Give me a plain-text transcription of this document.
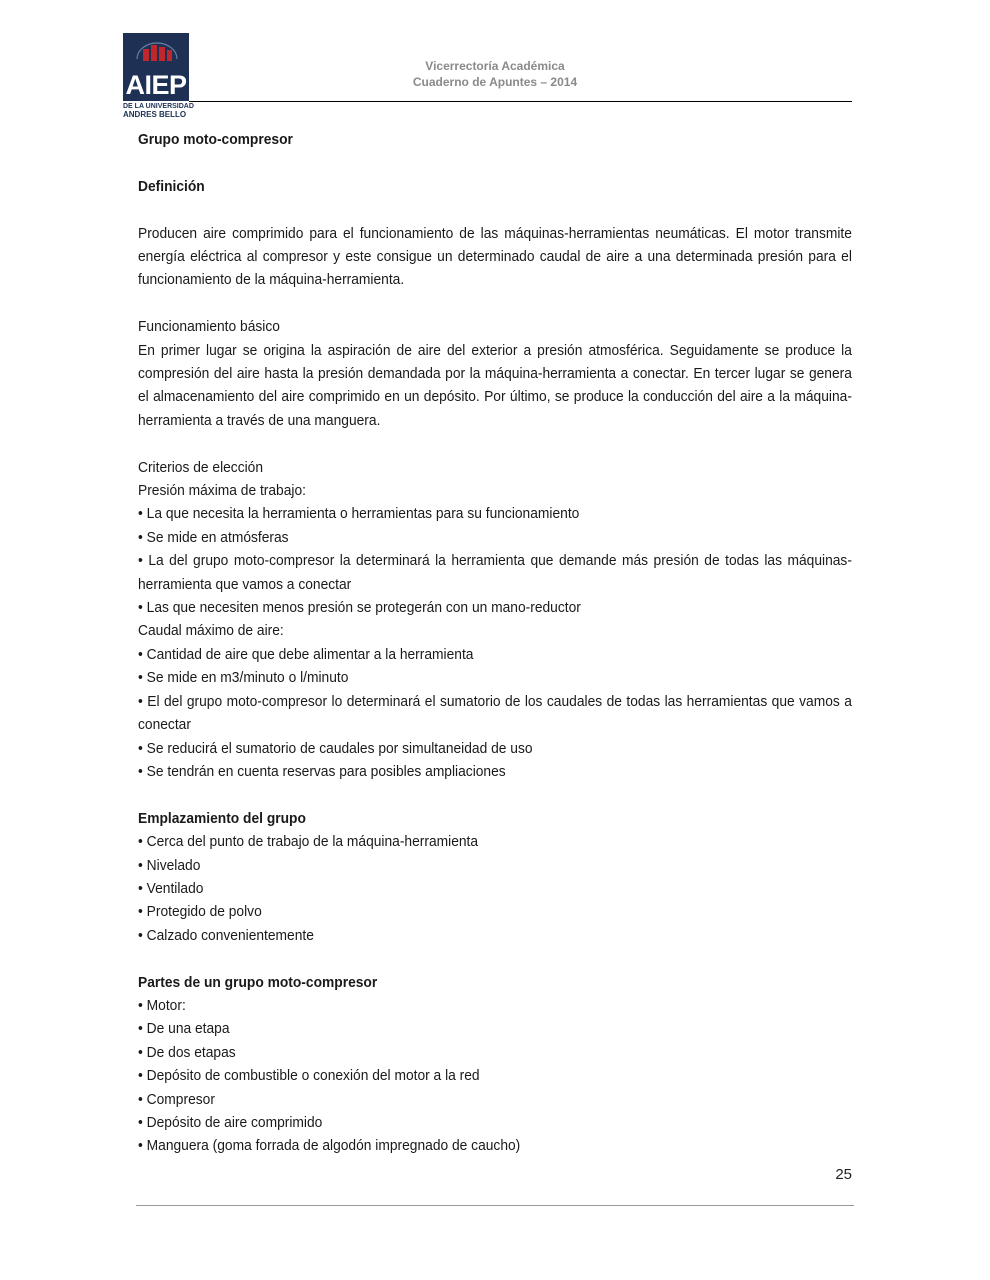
AIEP
DE LA UNIVERSIDAD
ANDRES BELLO
Vicerrectoría Académica
Cuaderno de Apuntes – 2014

Grupo moto-compresor

Definición

Producen aire comprimido para el funcionamiento de las máquinas-herramientas neumáticas. El motor transmite energía eléctrica al compresor y este consigue un determinado caudal de aire a una determinada presión para el funcionamiento de la máquina-herramienta.

Funcionamiento básico

En primer lugar se origina la aspiración de aire del exterior a presión atmosférica. Seguidamente se produce la compresión del aire hasta la presión demandada por la máquina-herramienta a conectar. En tercer lugar se genera el almacenamiento del aire comprimido en un depósito. Por último, se produce la conducción del aire a la máquina-herramienta a través de una manguera.

Criterios de elección

Presión máxima de trabajo:

• La que necesita la herramienta o herramientas para su funcionamiento

• Se mide en atmósferas

• La del grupo moto-compresor la determinará la herramienta que demande más presión de todas las máquinas-herramienta que vamos a conectar

• Las que necesiten menos presión se protegerán con un mano-reductor

Caudal máximo de aire:

• Cantidad de aire que debe alimentar a la herramienta

• Se mide en m3/minuto o l/minuto

• El del grupo moto-compresor lo determinará el sumatorio de los caudales de todas las herramientas que vamos a conectar

• Se reducirá el sumatorio de caudales por simultaneidad de uso

• Se tendrán en cuenta reservas para posibles ampliaciones

Emplazamiento del grupo

• Cerca del punto de trabajo de la máquina-herramienta

• Nivelado

• Ventilado

• Protegido de polvo

• Calzado convenientemente

Partes de un grupo moto-compresor

• Motor:

• De una etapa

• De dos etapas

• Depósito de combustible o conexión del motor a la red

• Compresor

• Depósito de aire comprimido

• Manguera (goma forrada de algodón impregnado de caucho)

25
